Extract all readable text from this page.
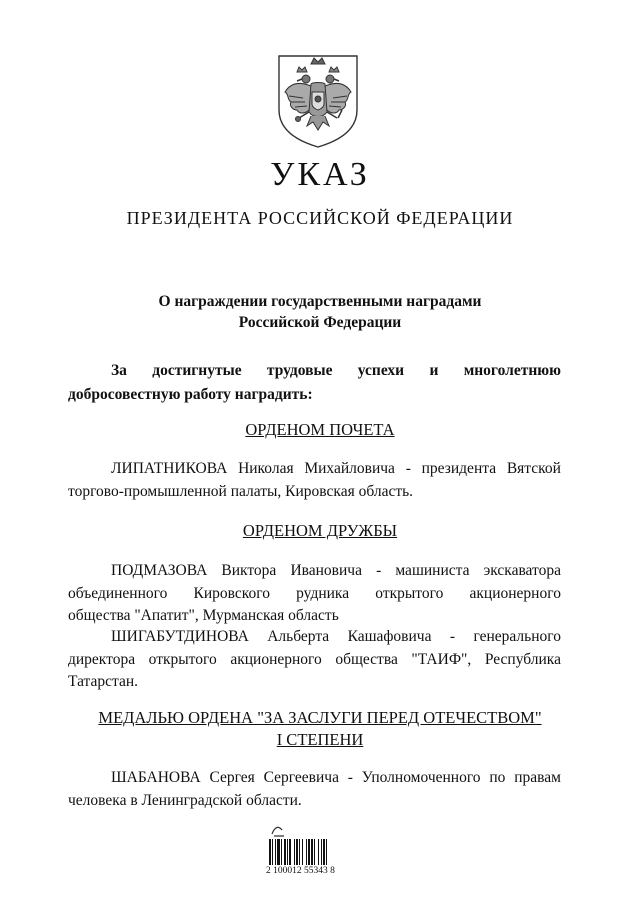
УКАЗ
ПРЕЗИДЕНТА РОССИЙСКОЙ ФЕДЕРАЦИИ
О награждении государственными наградами
Российской Федерации
За достигнутые трудовые успехи и многолетнюю
добросовестную работу наградить:
ОРДЕНОМ ПОЧЕТА
ЛИПАТНИКОВА Николая Михайловича - президента Вятской
торгово-промышленной палаты, Кировская область.
ОРДЕНОМ ДРУЖБЫ
ПОДМАЗОВА Виктора Ивановича - машиниста экскаватора
объединенного Кировского рудника открытого акционерного
общества "Апатит", Мурманская область
ШИГАБУТДИНОВА Альберта Кашафовича - генерального
директора открытого акционерного общества "ТАИФ", Республика
Татарстан.
МЕДАЛЬЮ ОРДЕНА "ЗА ЗАСЛУГИ ПЕРЕД ОТЕЧЕСТВОМ"
I СТЕПЕНИ
ШАБАНОВА Сергея Сергеевича - Уполномоченного по правам
человека в Ленинградской области.
2 100012 55343 8
